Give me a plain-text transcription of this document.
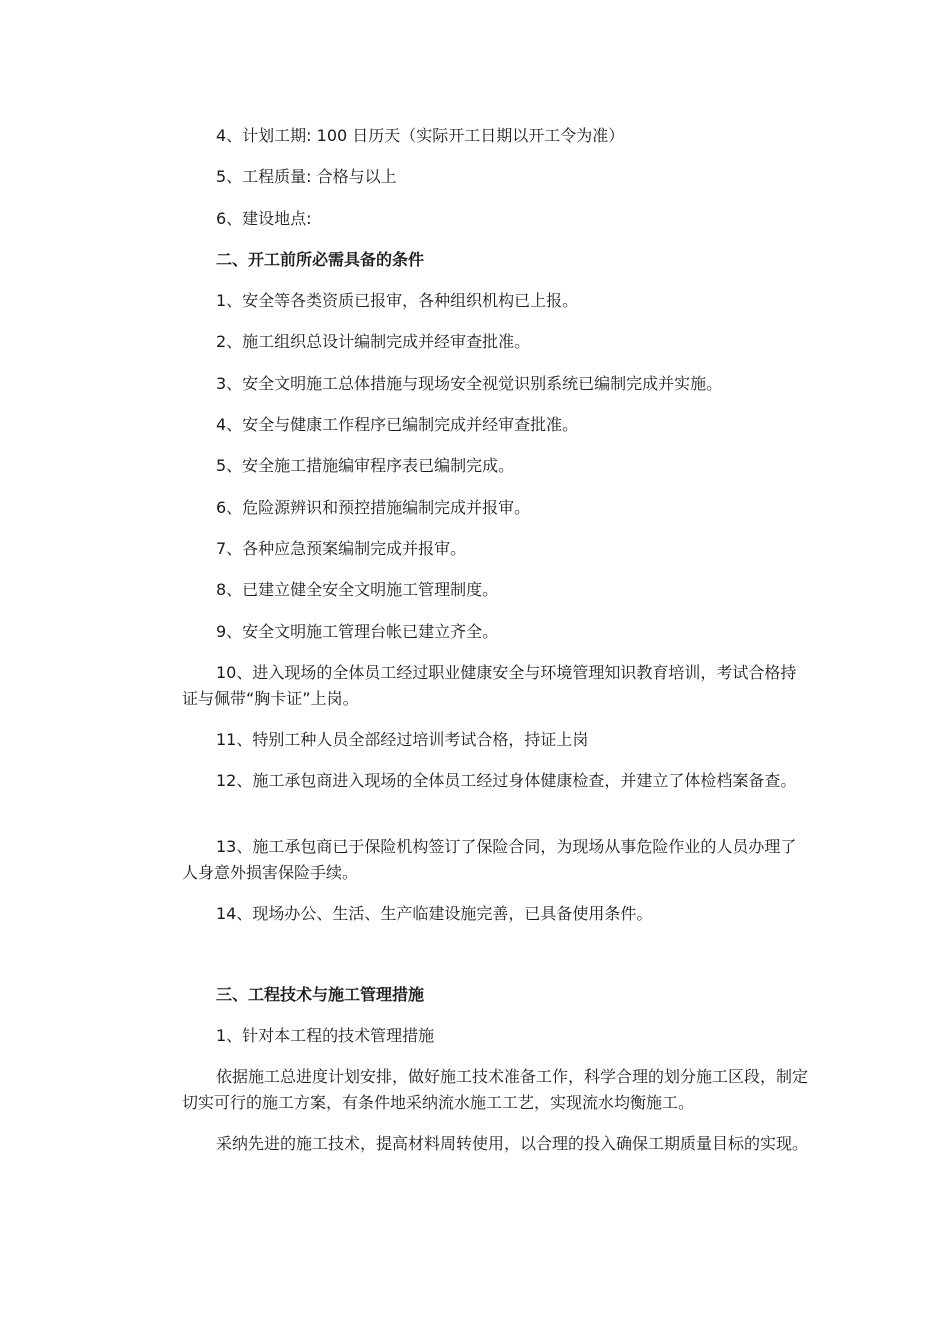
4、计划工期: 100 日历天（实际开工日期以开工令为准）

5、工程质量: 合格与以上

6、建设地点:

二、开工前所必需具备的条件

1、安全等各类资质已报审，各种组织机构已上报。

2、施工组织总设计编制完成并经审查批准。

3、安全文明施工总体措施与现场安全视觉识别系统已编制完成并实施。

4、安全与健康工作程序已编制完成并经审查批准。

5、安全施工措施编审程序表已编制完成。

6、危险源辨识和预控措施编制完成并报审。

7、各种应急预案编制完成并报审。

8、已建立健全安全文明施工管理制度。

9、安全文明施工管理台帐已建立齐全。

10、进入现场的全体员工经过职业健康安全与环境管理知识教育培训，考试合格持证与佩带“胸卡证”上岗。

11、特别工种人员全部经过培训考试合格，持证上岗

12、施工承包商进入现场的全体员工经过身体健康检查，并建立了体检档案备查。

13、施工承包商已于保险机构签订了保险合同，为现场从事危险作业的人员办理了人身意外损害保险手续。

14、现场办公、生活、生产临建设施完善，已具备使用条件。

三、工程技术与施工管理措施

1、针对本工程的技术管理措施

依据施工总进度计划安排，做好施工技术准备工作，科学合理的划分施工区段，制定切实可行的施工方案，有条件地采纳流水施工工艺，实现流水均衡施工。

采纳先进的施工技术，提高材料周转使用，以合理的投入确保工期质量目标的实现。
